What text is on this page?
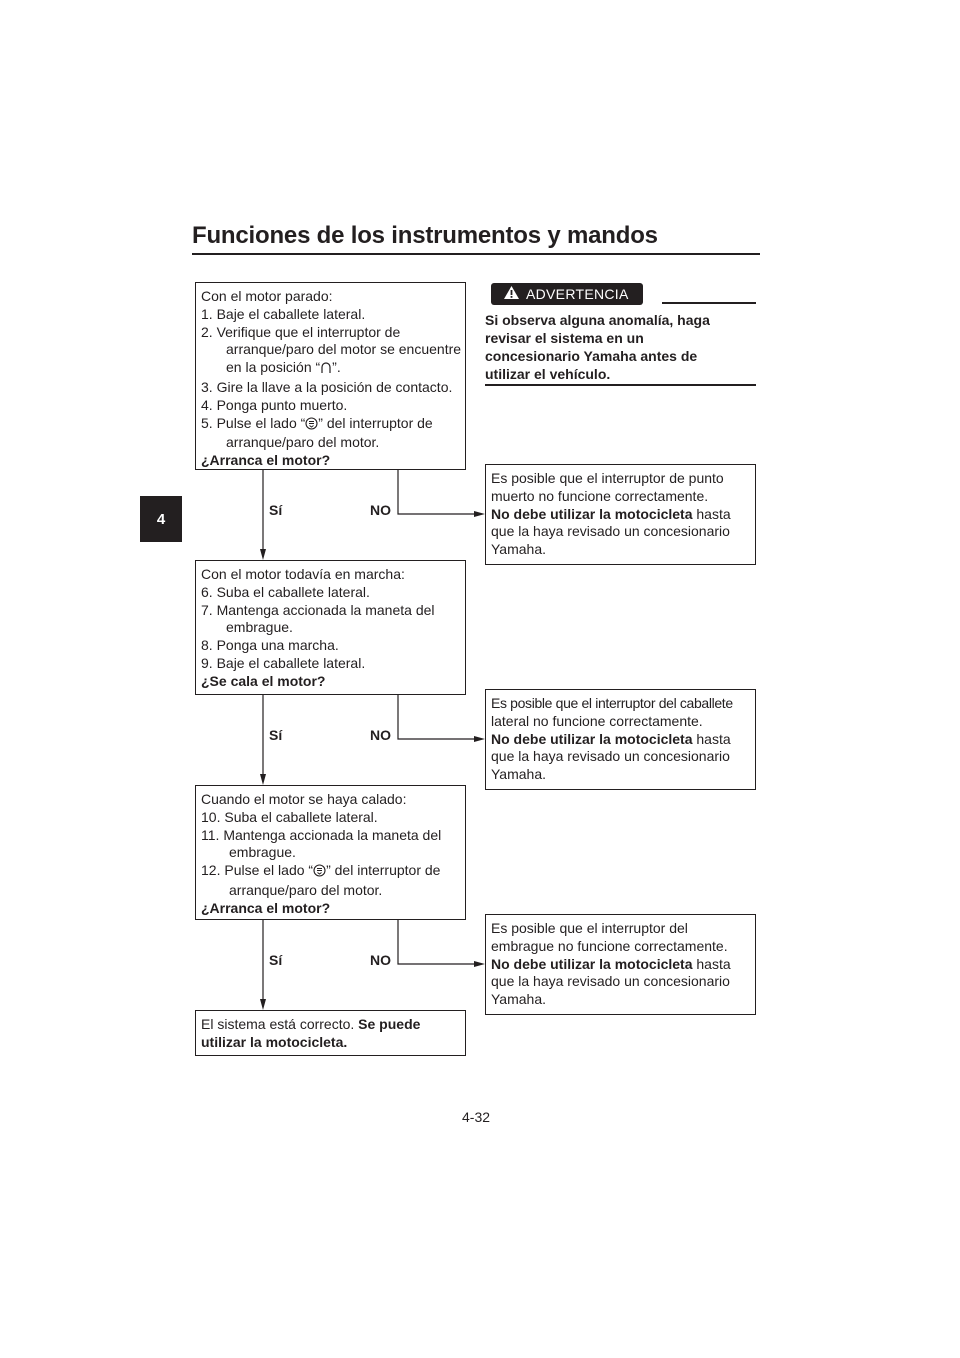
Funciones de los instrumentos y mandos
4

Con el motor parado:

1. Baje el caballete lateral.

2. Verifique que el interruptor de

arranque/paro del motor se encuentre

en la posición “ ”.

3. Gire la llave a la posición de contacto.

4. Ponga punto muerto.

5. Pulse el lado “ ” del interruptor de

arranque/paro del motor.

¿Arranca el motor?

Con el motor todavía en marcha:

6. Suba el caballete lateral.

7. Mantenga accionada la maneta del

embrague.

8. Ponga una marcha.

9. Baje el caballete lateral.

¿Se cala el motor?

Cuando el motor se haya calado:

10. Suba el caballete lateral.

11. Mantenga accionada la maneta del

embrague.

12. Pulse el lado “ ” del interruptor de

arranque/paro del motor.

¿Arranca el motor?

El sistema está correcto. Se puede

utilizar la motocicleta.

Sí	NO
Sí	NO
Sí	NO
ADVERTENCIA
Si observa alguna anomalía, haga
revisar el sistema en un
concesionario Yamaha antes de
utilizar el vehículo.

Es posible que el interruptor de punto

muerto no funcione correctamente.

No debe utilizar la motocicleta hasta

que la haya revisado un concesionario

Yamaha.

Es posible que el interruptor del caballete

lateral no funcione correctamente.

No debe utilizar la motocicleta hasta

que la haya revisado un concesionario

Yamaha.

Es posible que el interruptor del

embrague no funcione correctamente.

No debe utilizar la motocicleta hasta

que la haya revisado un concesionario

Yamaha.

4-32
